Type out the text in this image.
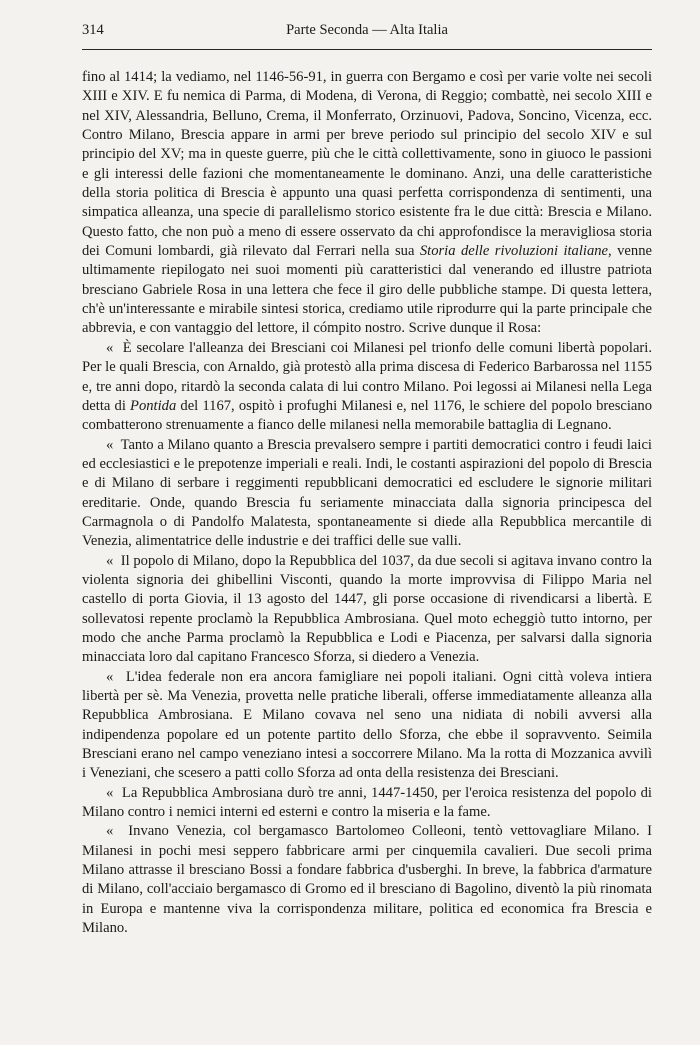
314	Parte Seconda — Alta Italia

fino al 1414; la vediamo, nel 1146-56-91, in guerra con Bergamo e così per varie volte nei secoli XIII e XIV. E fu nemica di Parma, di Modena, di Verona, di Reggio; combattè, nei secolo XIII e nel XIV, Alessandria, Belluno, Crema, il Monferrato, Orzinuovi, Padova, Soncino, Vicenza, ecc. Contro Milano, Brescia appare in armi per breve periodo sul principio del secolo XIV e sul principio del XV; ma in queste guerre, più che le città collettivamente, sono in giuoco le passioni e gli interessi delle fazioni che momentaneamente le dominano. Anzi, una delle caratteristiche della storia politica di Brescia è appunto una quasi perfetta corrispondenza di sentimenti, una simpatica alleanza, una specie di parallelismo storico esistente fra le due città: Brescia e Milano. Questo fatto, che non può a meno di essere osservato da chi approfondisce la meravigliosa storia dei Comuni lombardi, già rilevato dal Ferrari nella sua Storia delle rivoluzioni italiane, venne ultimamente riepilogato nei suoi momenti più caratteristici dal venerando ed illustre patriota bresciano Gabriele Rosa in una lettera che fece il giro delle pubbliche stampe. Di questa lettera, ch'è un'interessante e mirabile sintesi storica, crediamo utile riprodurre qui la parte principale che abbrevia, e con vantaggio del lettore, il cómpito nostro. Scrive dunque il Rosa:

« È secolare l'alleanza dei Bresciani coi Milanesi pel trionfo delle comuni libertà popolari. Per le quali Brescia, con Arnaldo, già protestò alla prima discesa di Federico Barbarossa nel 1155 e, tre anni dopo, ritardò la seconda calata di lui contro Milano. Poi legossi ai Milanesi nella Lega detta di Pontida del 1167, ospitò i profughi Milanesi e, nel 1176, le schiere del popolo bresciano combatterono strenuamente a fianco delle milanesi nella memorabile battaglia di Legnano.

« Tanto a Milano quanto a Brescia prevalsero sempre i partiti democratici contro i feudi laici ed ecclesiastici e le prepotenze imperiali e reali. Indi, le costanti aspirazioni del popolo di Brescia e di Milano di serbare i reggimenti repubblicani democratici ed escludere le signorie militari ereditarie. Onde, quando Brescia fu seriamente minacciata dalla signoria principesca del Carmagnola o di Pandolfo Malatesta, spontaneamente si diede alla Repubblica mercantile di Venezia, alimentatrice delle industrie e dei traffici delle sue valli.

« Il popolo di Milano, dopo la Repubblica del 1037, da due secoli si agitava invano contro la violenta signoria dei ghibellini Visconti, quando la morte improvvisa di Filippo Maria nel castello di porta Giovia, il 13 agosto del 1447, gli porse occasione di rivendicarsi a libertà. E sollevatosi repente proclamò la Repubblica Ambrosiana. Quel moto echeggiò tutto intorno, per modo che anche Parma proclamò la Repubblica e Lodi e Piacenza, per salvarsi dalla signoria minacciata loro dal capitano Francesco Sforza, si diedero a Venezia.

« L'idea federale non era ancora famigliare nei popoli italiani. Ogni città voleva intiera libertà per sè. Ma Venezia, provetta nelle pratiche liberali, offerse immediatamente alleanza alla Repubblica Ambrosiana. E Milano covava nel seno una nidiata di nobili avversi alla indipendenza popolare ed un potente partito dello Sforza, che ebbe il sopravvento. Seimila Bresciani erano nel campo veneziano intesi a soccorrere Milano. Ma la rotta di Mozzanica avvilì i Veneziani, che scesero a patti collo Sforza ad onta della resistenza dei Bresciani.

« La Repubblica Ambrosiana durò tre anni, 1447-1450, per l'eroica resistenza del popolo di Milano contro i nemici interni ed esterni e contro la miseria e la fame.

« Invano Venezia, col bergamasco Bartolomeo Colleoni, tentò vettovagliare Milano. I Milanesi in pochi mesi seppero fabbricare armi per cinquemila cavalieri. Due secoli prima Milano attrasse il bresciano Bossi a fondare fabbrica d'usberghi. In breve, la fabbrica d'armature di Milano, coll'acciaio bergamasco di Gromo ed il bresciano di Bagolino, diventò la più rinomata in Europa e mantenne viva la corrispondenza militare, politica ed economica fra Brescia e Milano.
